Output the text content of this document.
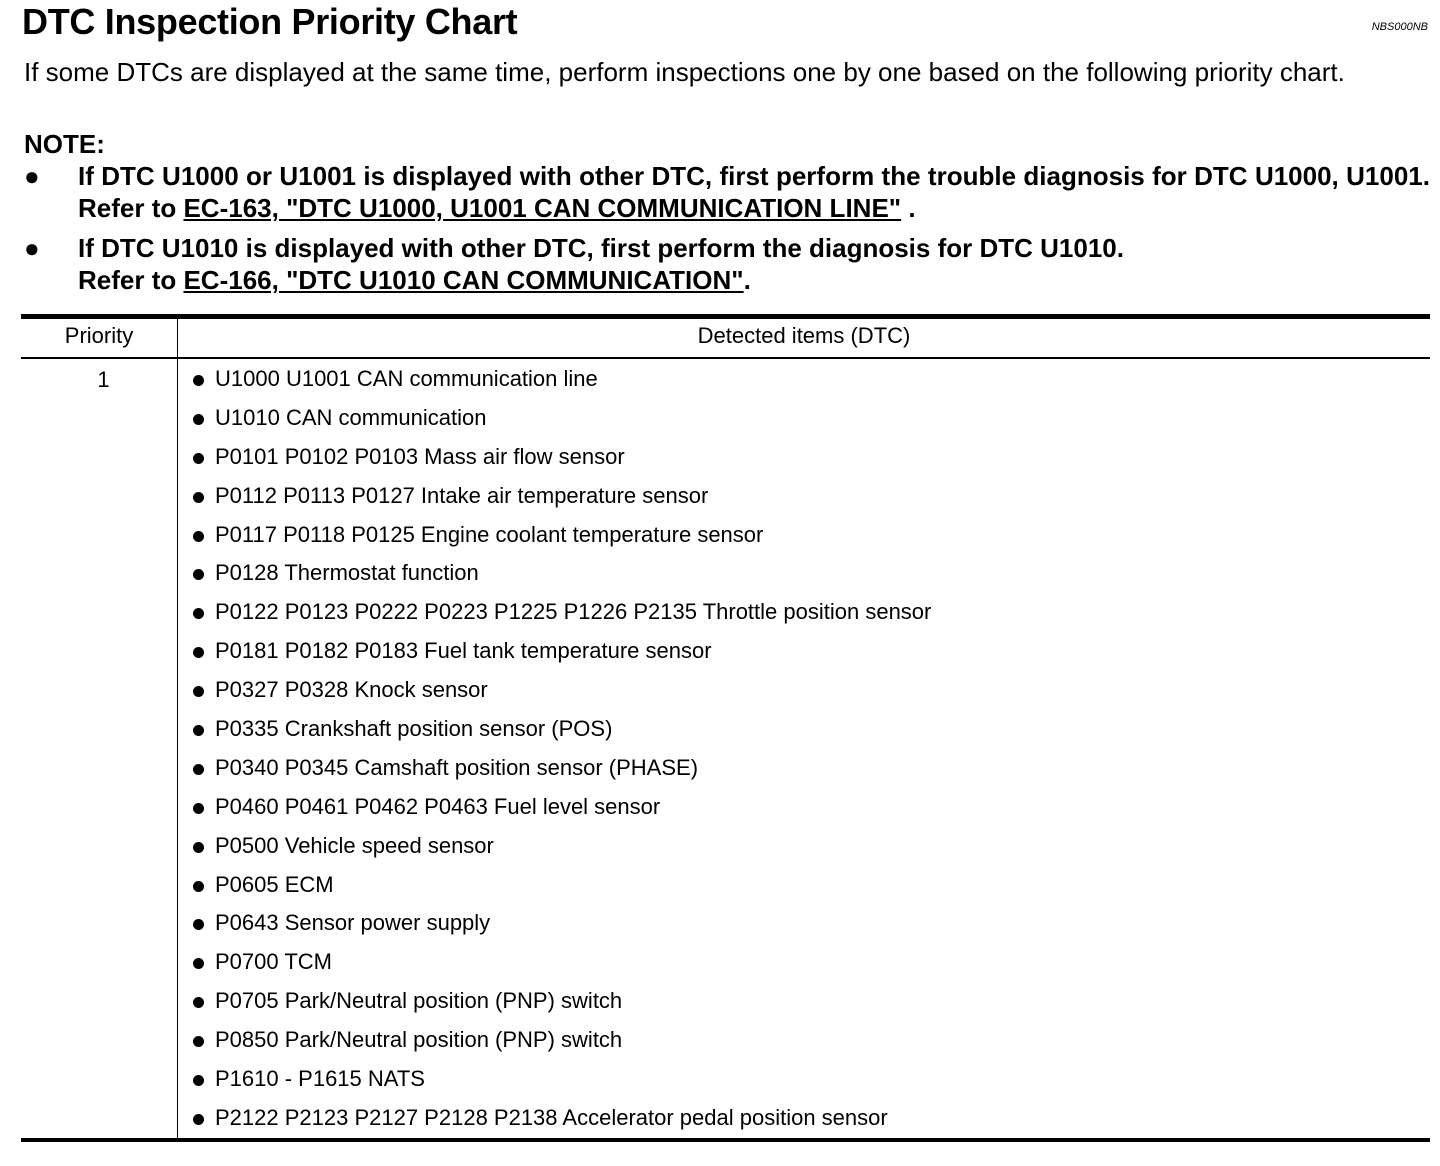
DTC Inspection Priority Chart	NBS000NB

If some DTCs are displayed at the same time, perform inspections one by one based on the following priority chart.

NOTE:
●	If DTC U1000 or U1001 is displayed with other DTC, first perform the trouble diagnosis for DTC U1000, U1001. Refer to EC-163, "DTC U1000, U1001 CAN COMMUNICATION LINE" .
●	If DTC U1010 is displayed with other DTC, first perform the diagnosis for DTC U1010.
Refer to EC-166, "DTC U1010 CAN COMMUNICATION".
Priority	Detected items (DTC)
1	U1000 U1001 CAN communication line
U1010 CAN communication
P0101 P0102 P0103 Mass air flow sensor
P0112 P0113 P0127 Intake air temperature sensor
P0117 P0118 P0125 Engine coolant temperature sensor
P0128 Thermostat function
P0122 P0123 P0222 P0223 P1225 P1226 P2135 Throttle position sensor
P0181 P0182 P0183 Fuel tank temperature sensor
P0327 P0328 Knock sensor
P0335 Crankshaft position sensor (POS)
P0340 P0345 Camshaft position sensor (PHASE)
P0460 P0461 P0462 P0463 Fuel level sensor
P0500 Vehicle speed sensor
P0605 ECM
P0643 Sensor power supply
P0700 TCM
P0705 Park/Neutral position (PNP) switch
P0850 Park/Neutral position (PNP) switch
P1610 - P1615 NATS
P2122 P2123 P2127 P2128 P2138 Accelerator pedal position sensor
